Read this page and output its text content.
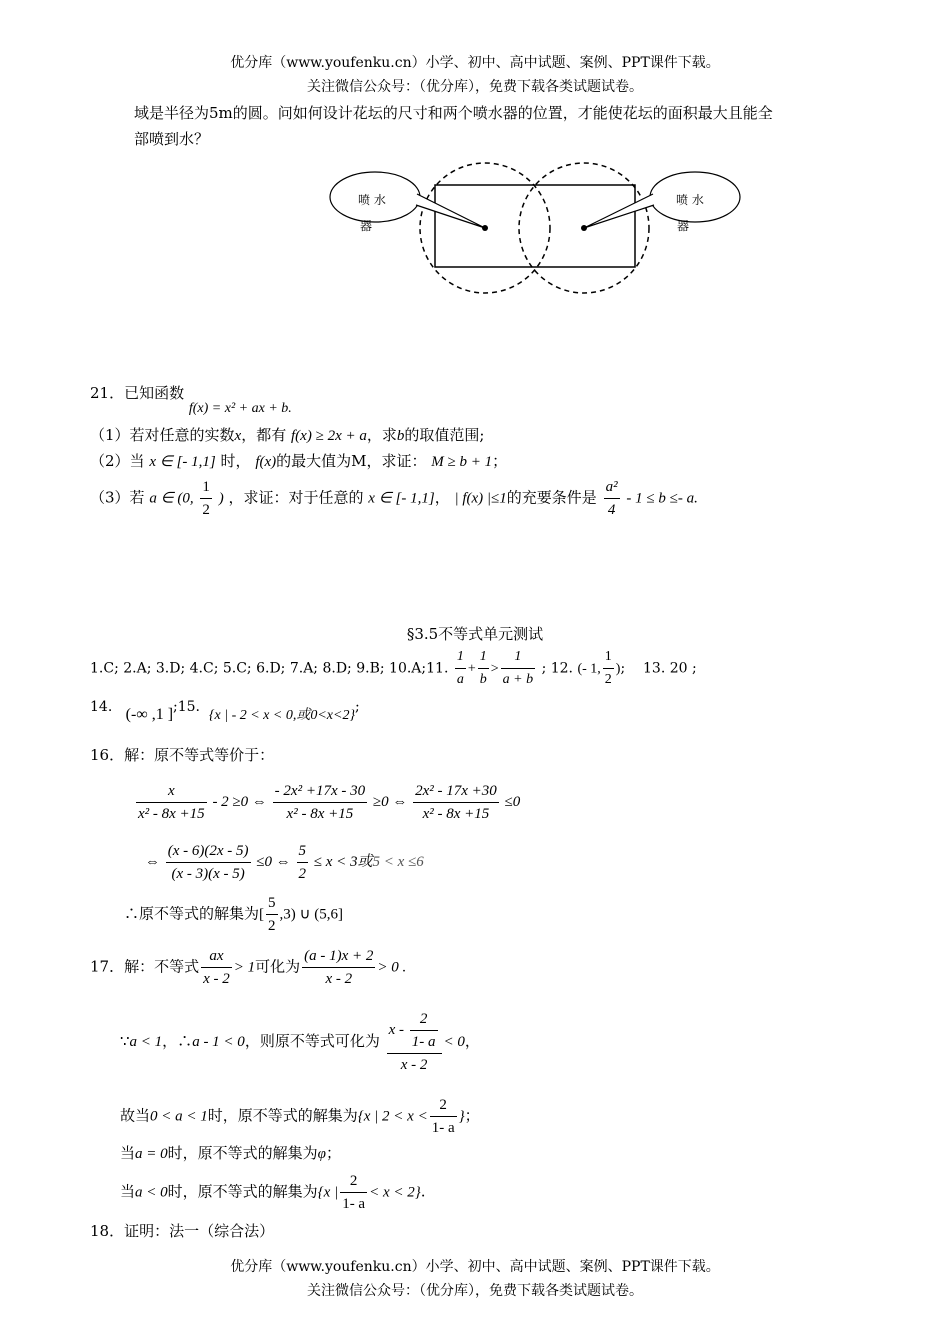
优分库（www.youfenku.cn）小学、初中、高中试题、案例、PPT课件下载。
关注微信公众号：（优分库），免费下载各类试题试卷。
域是半径为5m的圆。问如何设计花坛的尺寸和两个喷水器的位置，才能使花坛的面积最大且能全
部喷到水？
喷 水
器
喷 水
器
21．已知函数 f(x) = x² + ax + b.
（1）若对任意的实数x，都有 f(x) ≥ 2x + a，求b的取值范围;
（2）当 x ∈ [- 1,1] 时， f(x)的最大值为M，求证： M ≥ b + 1；
（3）若 a ∈ (0, $\frac{1}{2}$ ) ，求证：对于任意的 x ∈ [- 1,1]， | f(x) |≤1的充要条件是 $\frac{\text{a²}}{4} - 1 \le b \le- a$.
§3.5不等式单元测试
1.C; 2.A; 3.D; 4.C; 5.C; 6.D; 7.A; 8.D; 9.B; 10.A;11. $\frac{1}{a} + \frac{1}{b} > \frac{1}{a + b}$ ; 12. (- 1, $\frac{1}{2}$ ); 13. 20 ;
14. (-∞ ,1 ];15.  {x | - 2 < x < 0,或0<x<2};
16．解：原不等式等价于：
$\frac{x}{\text{x² - 8x +15}} - 2 \ge 0$ ⇔ $\frac{\text{- 2x² +17x - 30}}{\text{x² - 8x +15}} \ge 0$ ⇔ $\frac{\text{2x² - 17x +30}}{\text{x² - 8x +15}} \le 0$
⇔ $\frac{(x - 6)(2x - 5)}{(x - 3)(x - 5)} \le 0$ ⇔ $\frac{5}{2} \le x < 3$或5 < x ≤6
∴原不等式的解集为[ $\frac{5}{2} ,3$) ∪ (5,6]
17．解：不等式 $\frac{ax}{x - 2} > 1$可化为 $\frac{(a - 1)x + 2}{x - 2} > 0$ .
∵a < 1，∴a - 1 < 0，则原不等式可化为 $\frac{x - \frac{2}{1- a}}{x - 2} < 0$，
故当0 < a < 1时，原不等式的解集为{x | $2 < x < \frac{2}{1- a}$ }；
当a = 0时，原不等式的解集为φ；
当a < 0时，原不等式的解集为{x | $\frac{2}{1- a} < x < 2$}.
18．证明：法一（综合法）
优分库（www.youfenku.cn）小学、初中、高中试题、案例、PPT课件下载。
关注微信公众号：（优分库），免费下载各类试题试卷。
